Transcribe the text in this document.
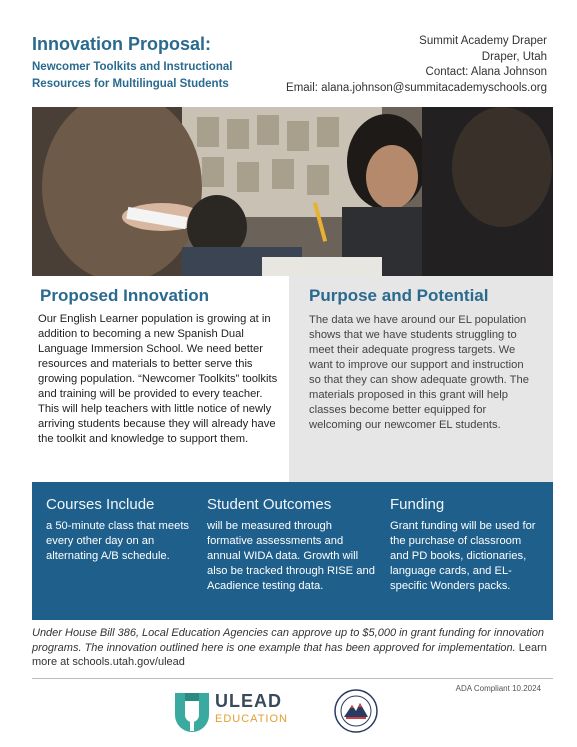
Innovation Proposal:
Newcomer Toolkits and Instructional Resources for Multilingual Students
Summit Academy Draper
Draper, Utah
Contact: Alana Johnson
Email: alana.johnson@summitacademyschools.org
Proposed Innovation
Our English Learner population is growing at in addition to becoming a new Spanish Dual Language Immersion School. We need better resources and materials to better serve this growing population. “Newcomer Toolkits” toolkits and training will be provided to every teacher. This will help teachers with little notice of newly arriving students because they will already have the toolkit and knowledge to support them.
Purpose and Potential
The data we have around our EL population shows that we have students struggling to meet their adequate progress targets. We want to improve our support and instruction so that they can show adequate growth. The materials proposed in this grant will help classes become better equipped for welcoming our newcomer EL students.
Courses Include
a 50-minute class that meets every other day on an alternating A/B schedule.
Student Outcomes
will be measured through formative assessments and annual WIDA data. Growth will also be tracked through RISE and Acadience testing data.
Funding
Grant funding will be used for the purchase of classroom and PD books, dictionaries, language cards, and EL-specific Wonders packs.
Under House Bill 386, Local Education Agencies can approve up to $5,000 in grant funding for innovation programs. The innovation outlined here is one example that has been approved for implementation. Learn more at schools.utah.gov/ulead
ADA Compliant 10.2024
ULEAD
EDUCATION
